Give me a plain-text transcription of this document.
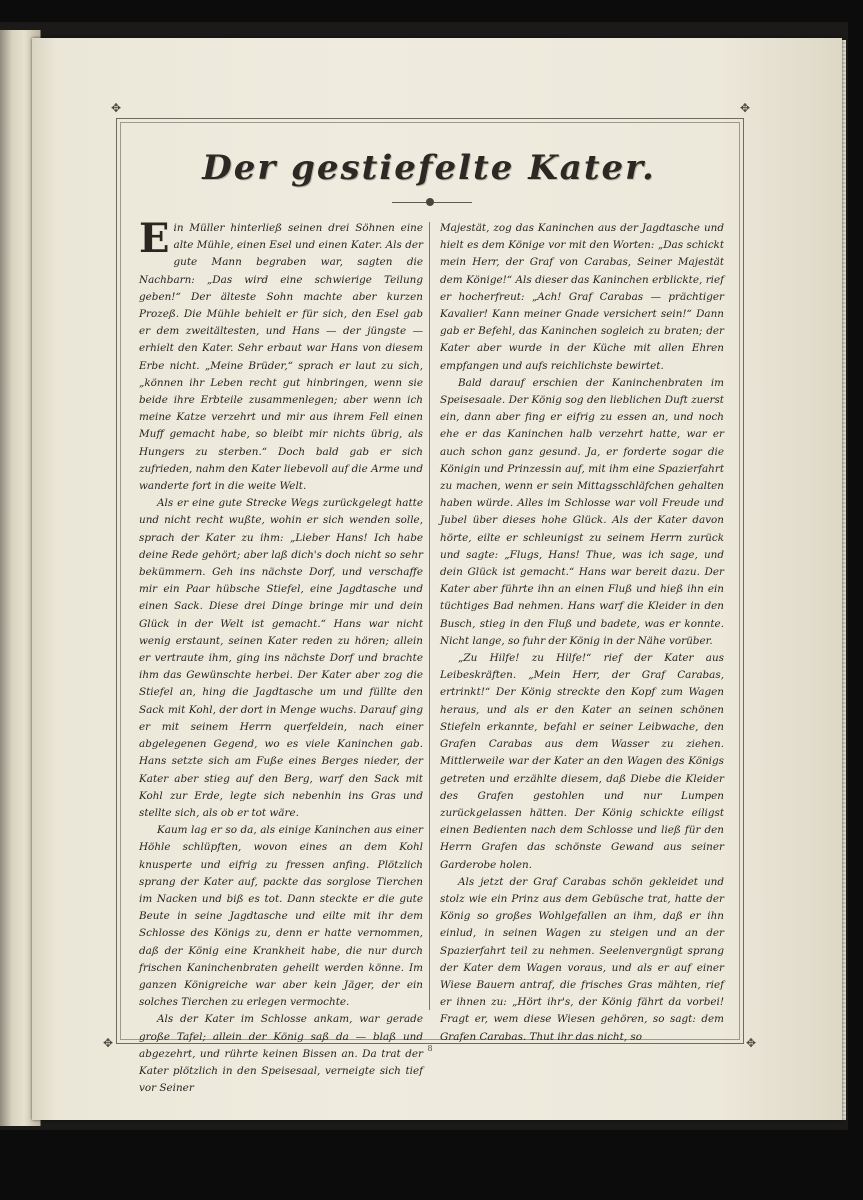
✥	✥
✥	✥
Der gestiefelte Kater.

Ein Müller hinterließ seinen drei Söhnen eine alte Mühle, einen Esel und einen Kater. Als der gute Mann begraben war, sagten die Nachbarn: „Das wird eine schwierige Teilung geben!“ Der älteste Sohn machte aber kurzen Prozeß. Die Mühle behielt er für sich, den Esel gab er dem zweitältesten, und Hans — der jüngste — erhielt den Kater. Sehr erbaut war Hans von diesem Erbe nicht. „Meine Brüder,“ sprach er laut zu sich, „können ihr Leben recht gut hinbringen, wenn sie beide ihre Erbteile zusammenlegen; aber wenn ich meine Katze verzehrt und mir aus ihrem Fell einen Muff gemacht habe, so bleibt mir nichts übrig, als Hungers zu sterben.“ Doch bald gab er sich zufrieden, nahm den Kater liebevoll auf die Arme und wanderte fort in die weite Welt.

Als er eine gute Strecke Wegs zurückgelegt hatte und nicht recht wußte, wohin er sich wenden solle, sprach der Kater zu ihm: „Lieber Hans! Ich habe deine Rede gehört; aber laß dich's doch nicht so sehr bekümmern. Geh ins nächste Dorf, und verschaffe mir ein Paar hübsche Stiefel, eine Jagdtasche und einen Sack. Diese drei Dinge bringe mir und dein Glück in der Welt ist gemacht.“ Hans war nicht wenig erstaunt, seinen Kater reden zu hören; allein er vertraute ihm, ging ins nächste Dorf und brachte ihm das Gewünschte herbei. Der Kater aber zog die Stiefel an, hing die Jagdtasche um und füllte den Sack mit Kohl, der dort in Menge wuchs. Darauf ging er mit seinem Herrn querfeldein, nach einer abgelegenen Gegend, wo es viele Kaninchen gab. Hans setzte sich am Fuße eines Berges nieder, der Kater aber stieg auf den Berg, warf den Sack mit Kohl zur Erde, legte sich nebenhin ins Gras und stellte sich, als ob er tot wäre.

Kaum lag er so da, als einige Kaninchen aus einer Höhle schlüpften, wovon eines an dem Kohl knusperte und eifrig zu fressen anfing. Plötzlich sprang der Kater auf, packte das sorglose Tierchen im Nacken und biß es tot. Dann steckte er die gute Beute in seine Jagdtasche und eilte mit ihr dem Schlosse des Königs zu, denn er hatte vernommen, daß der König eine Krankheit habe, die nur durch frischen Kaninchenbraten geheilt werden könne. Im ganzen Königreiche war aber kein Jäger, der ein solches Tierchen zu erlegen vermochte.

Als der Kater im Schlosse ankam, war gerade große Tafel; allein der König saß da — blaß und abgezehrt, und rührte keinen Bissen an. Da trat der Kater plötzlich in den Speisesaal, verneigte sich tief vor Seiner

Majestät, zog das Kaninchen aus der Jagdtasche und hielt es dem Könige vor mit den Worten: „Das schickt mein Herr, der Graf von Carabas, Seiner Majestät dem Könige!“ Als dieser das Kaninchen erblickte, rief er hocherfreut: „Ach! Graf Carabas — prächtiger Kavalier! Kann meiner Gnade versichert sein!“ Dann gab er Befehl, das Kaninchen sogleich zu braten; der Kater aber wurde in der Küche mit allen Ehren empfangen und aufs reichlichste bewirtet.

Bald darauf erschien der Kaninchenbraten im Speisesaale. Der König sog den lieblichen Duft zuerst ein, dann aber fing er eifrig zu essen an, und noch ehe er das Kaninchen halb verzehrt hatte, war er auch schon ganz gesund. Ja, er forderte sogar die Königin und Prinzessin auf, mit ihm eine Spazierfahrt zu machen, wenn er sein Mittagsschläfchen gehalten haben würde. Alles im Schlosse war voll Freude und Jubel über dieses hohe Glück. Als der Kater davon hörte, eilte er schleunigst zu seinem Herrn zurück und sagte: „Flugs, Hans! Thue, was ich sage, und dein Glück ist gemacht.“ Hans war bereit dazu. Der Kater aber führte ihn an einen Fluß und hieß ihn ein tüchtiges Bad nehmen. Hans warf die Kleider in den Busch, stieg in den Fluß und badete, was er konnte. Nicht lange, so fuhr der König in der Nähe vorüber.

„Zu Hilfe! zu Hilfe!“ rief der Kater aus Leibeskräften. „Mein Herr, der Graf Carabas, ertrinkt!“ Der König streckte den Kopf zum Wagen heraus, und als er den Kater an seinen schönen Stiefeln erkannte, befahl er seiner Leibwache, den Grafen Carabas aus dem Wasser zu ziehen. Mittlerweile war der Kater an den Wagen des Königs getreten und erzählte diesem, daß Diebe die Kleider des Grafen gestohlen und nur Lumpen zurückgelassen hätten. Der König schickte eiligst einen Bedienten nach dem Schlosse und ließ für den Herrn Grafen das schönste Gewand aus seiner Garderobe holen.

Als jetzt der Graf Carabas schön gekleidet und stolz wie ein Prinz aus dem Gebüsche trat, hatte der König so großes Wohlgefallen an ihm, daß er ihn einlud, in seinen Wagen zu steigen und an der Spazierfahrt teil zu nehmen. Seelenvergnügt sprang der Kater dem Wagen voraus, und als er auf einer Wiese Bauern antraf, die frisches Gras mähten, rief er ihnen zu: „Hört ihr's, der König fährt da vorbei! Fragt er, wem diese Wiesen gehören, so sagt: dem Grafen Carabas. Thut ihr das nicht, so

8
